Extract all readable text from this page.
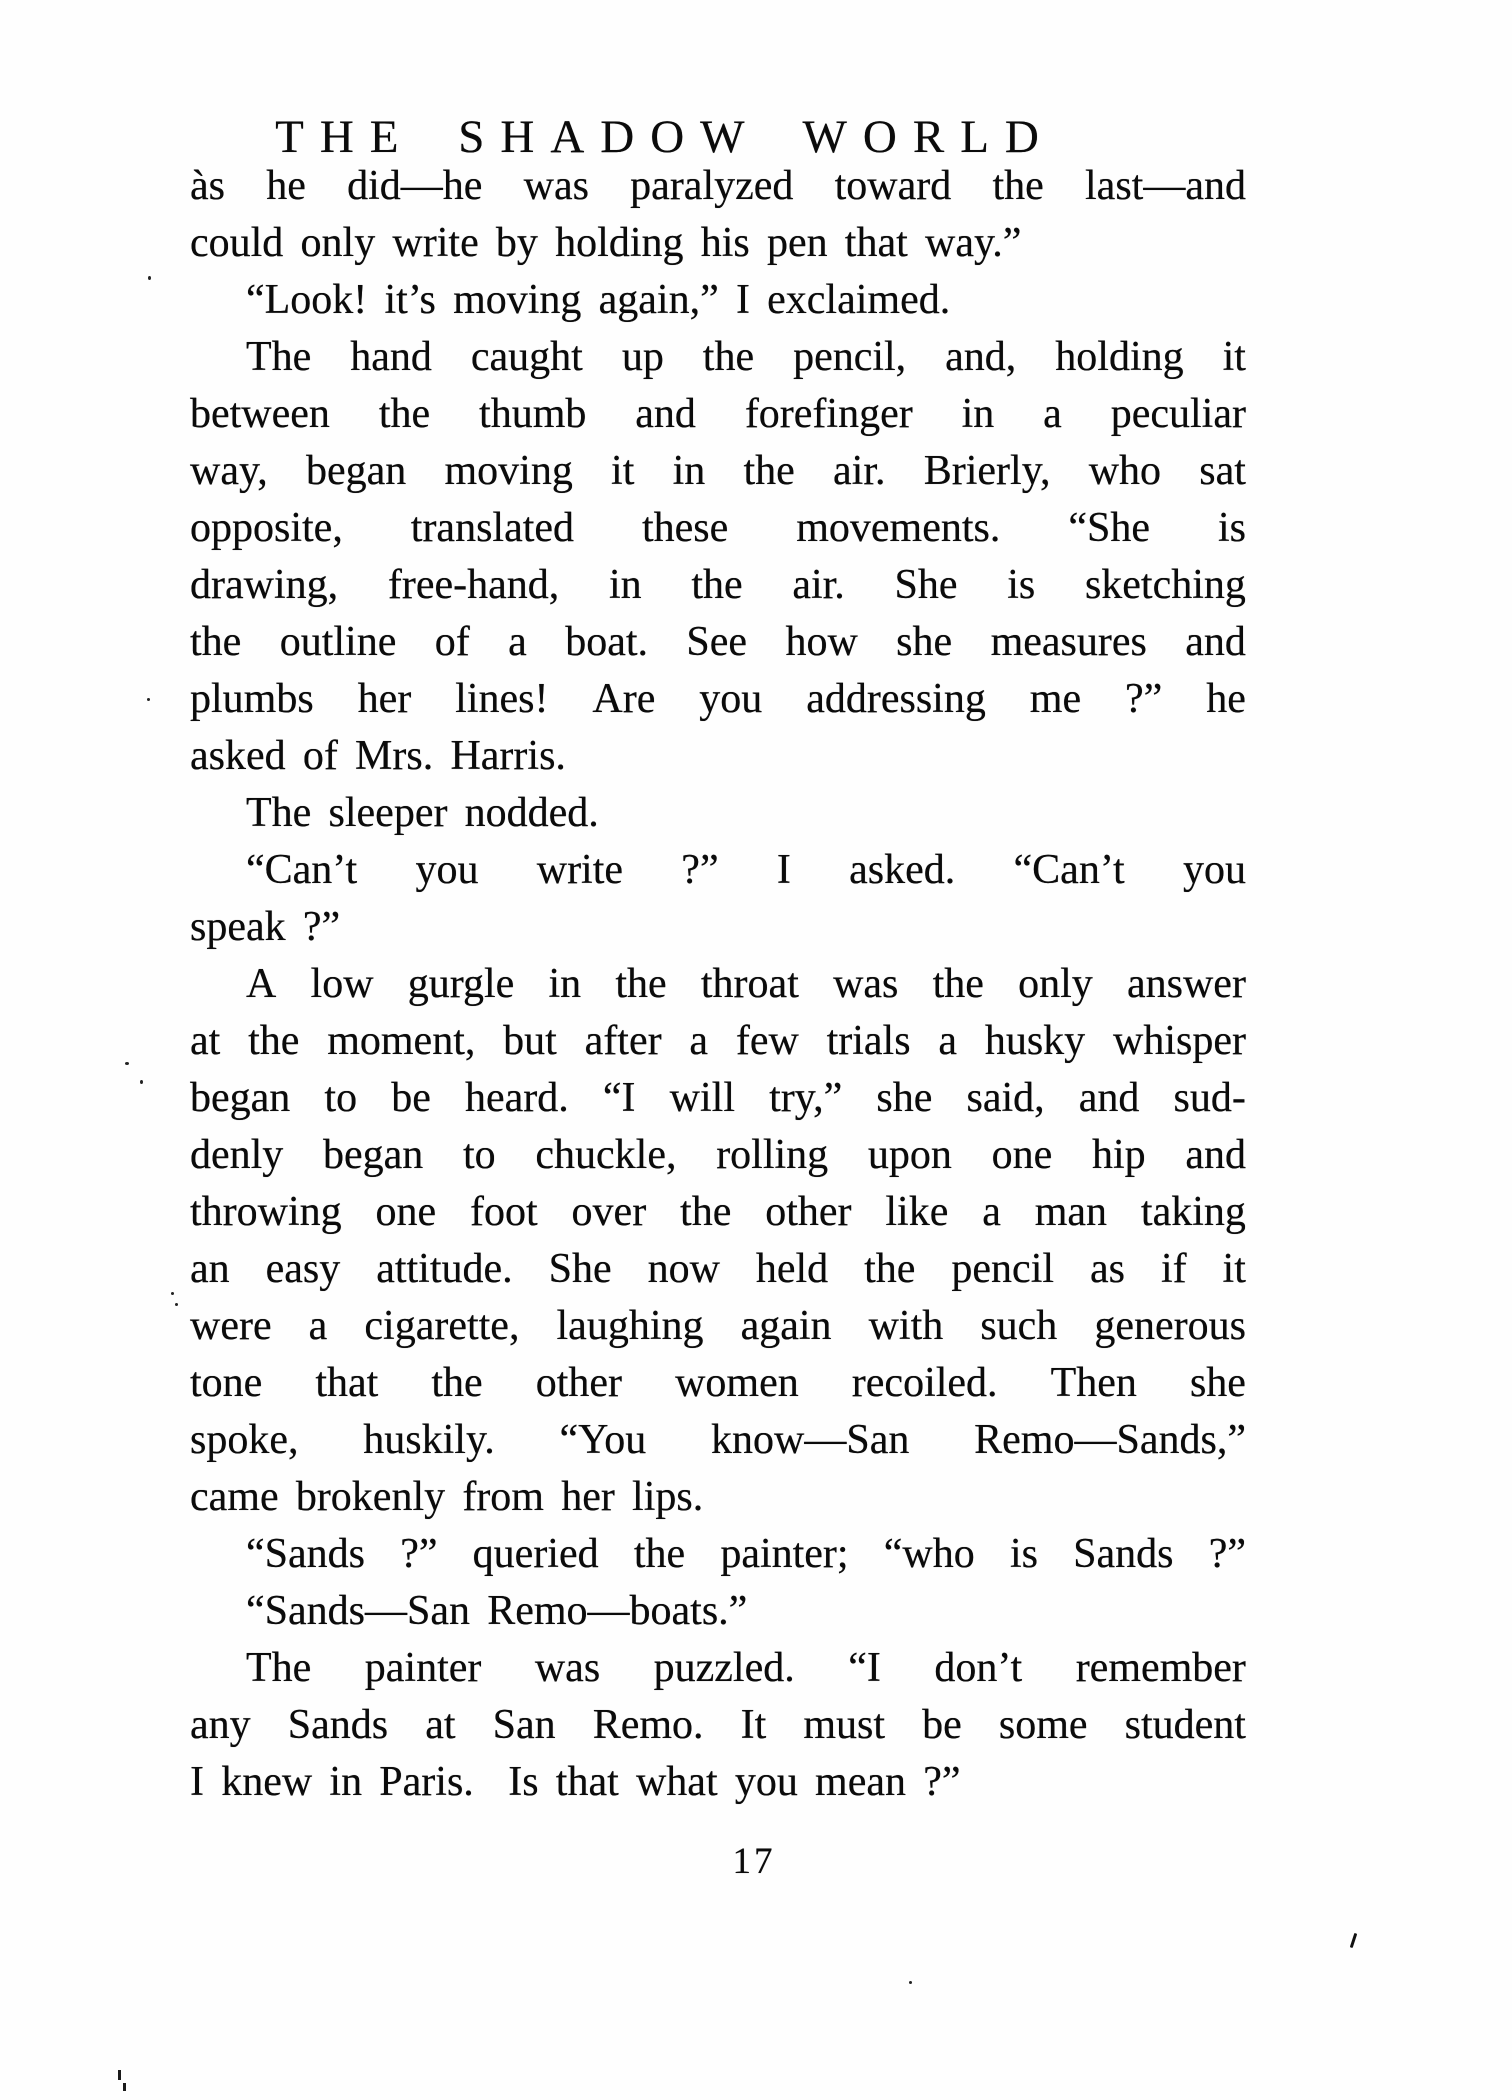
THE SHADOW WORLD
às he did—he was paralyzed toward the last—and
could only write by holding his pen that way.”
“Look! it’s moving again,” I exclaimed.
The hand caught up the pencil, and, holding it
between the thumb and forefinger in a peculiar
way, began moving it in the air. Brierly, who sat
opposite, translated these movements. “She is
drawing, free-hand, in the air. She is sketching
the outline of a boat. See how she measures and
plumbs her lines! Are you addressing me ?” he
asked of Mrs. Harris.
The sleeper nodded.
“Can’t you write ?” I asked. “Can’t you
speak ?”
A low gurgle in the throat was the only answer
at the moment, but after a few trials a husky whisper
began to be heard. “I will try,” she said, and sud-
denly began to chuckle, rolling upon one hip and
throwing one foot over the other like a man taking
an easy attitude. She now held the pencil as if it
were a cigarette, laughing again with such generous
tone that the other women recoiled. Then she
spoke, huskily. “You know—San Remo—Sands,”
came brokenly from her lips.
“Sands ?” queried the painter; “who is Sands ?”
“Sands—San Remo—boats.”
The painter was puzzled. “I don’t remember
any Sands at San Remo. It must be some student
I knew in Paris.  Is that what you mean ?”
17
